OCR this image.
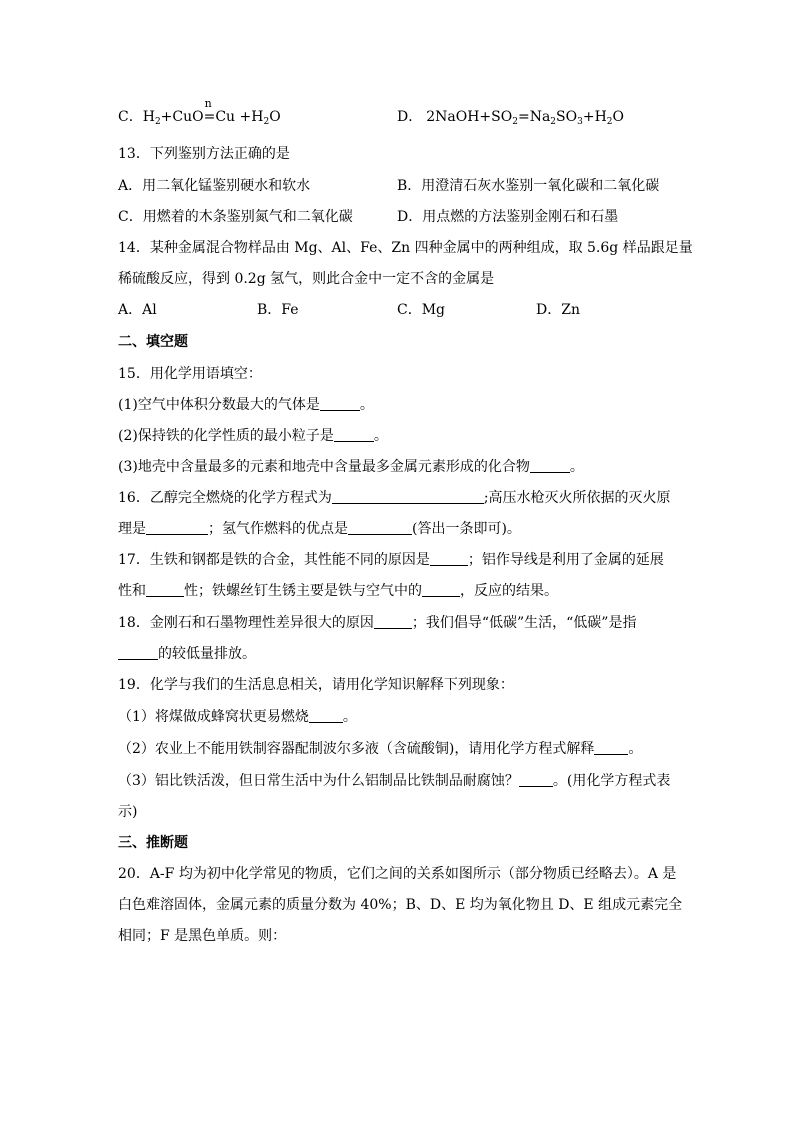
C．$H_2+CuO$
n
$=Cu +H_2O$	D． $2NaOH+SO_2=Na_2SO_3+H_2O$
13．下列鉴别方法正确的是
A．用二氧化锰鉴别硬水和软水	B．用澄清石灰水鉴别一氧化碳和二氧化碳
C．用燃着的木条鉴别氮气和二氧化碳	D．用点燃的方法鉴别金刚石和石墨
14．某种金属混合物样品由 Mg、Al、Fe、Zn 四种金属中的两种组成，取 5.6g 样品跟足量
稀硫酸反应，得到 0.2g 氢气，则此合金中一定不含的金属是
A．Al	B．Fe	C．Mg	D．Zn
二、填空题
15．用化学用语填空：
(1)空气中体积分数最大的气体是	。
(2)保持铁的化学性质的最小粒子是	。
(3)地壳中含量最多的元素和地壳中含量最多金属元素形成的化合物	。
16．乙醇完全燃烧的化学方程式为	;高压水枪灭火所依据的灭火原
理是	；氢气作燃料的优点是	(答出一条即可)。
17．生铁和钢都是铁的合金，其性能不同的原因是	；铝作导线是利用了金属的延展
性和	性；铁螺丝钉生锈主要是铁与空气中的	，反应的结果。
18．金刚石和石墨物理性差异很大的原因	；我们倡导“低碳”生活，“低碳”是指
的较低量排放。
19．化学与我们的生活息息相关，请用化学知识解释下列现象：
（1）将煤做成蜂窝状更易燃烧 。
（2）农业上不能用铁制容器配制波尔多液（含硫酸铜)，请用化学方程式解释 。
（3）铝比铁活泼，但日常生活中为什么铝制品比铁制品耐腐蚀？ 。(用化学方程式表
示)
三、推断题
20．A-F 均为初中化学常见的物质，它们之间的关系如图所示（部分物质已经略去）。A 是
白色难溶固体，金属元素的质量分数为 40%；B、D、E 均为氧化物且 D、E 组成元素完全
相同；F 是黑色单质。则：
